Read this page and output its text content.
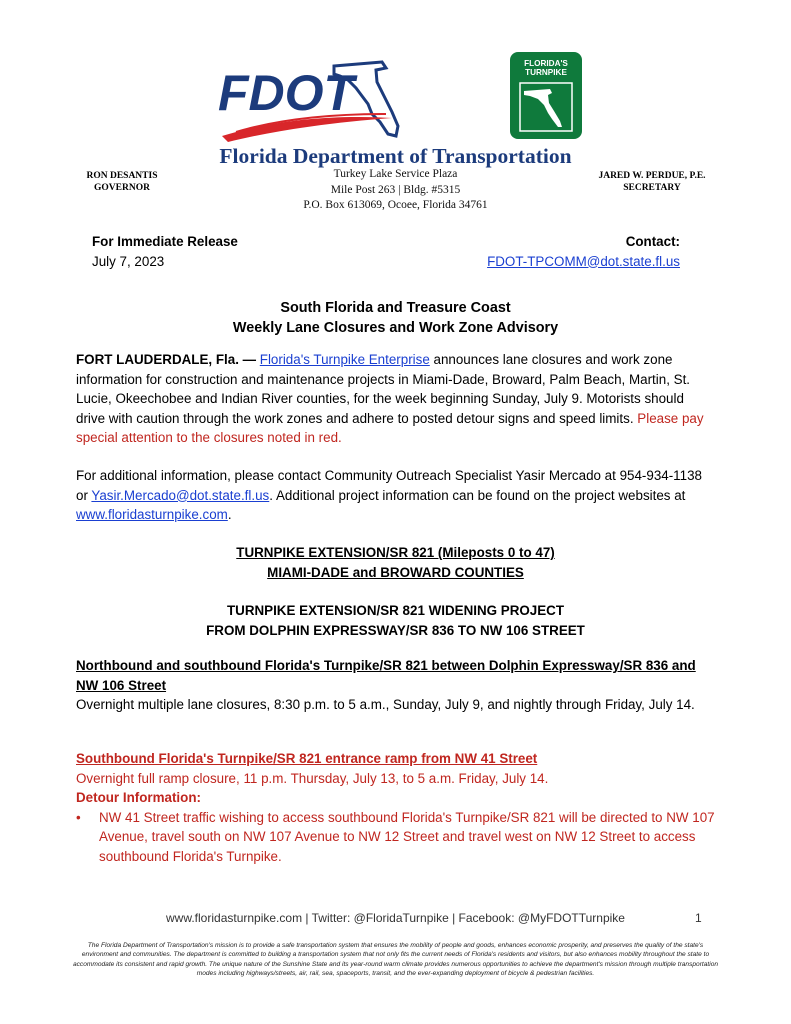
FDOT
FLORIDA'S
TURNPIKE
Florida Department of Transportation
RON DESANTIS
GOVERNOR
JARED W. PERDUE, P.E.
SECRETARY
Turkey Lake Service Plaza
Mile Post 263 | Bldg. #5315
P.O. Box 613069, Ocoee, Florida 34761
For Immediate Release
July 7, 2023
Contact:
FDOT-TPCOMM@dot.state.fl.us
South Florida and Treasure Coast
Weekly Lane Closures and Work Zone Advisory
FORT LAUDERDALE, Fla. — Florida's Turnpike Enterprise announces lane closures and work zone information for construction and maintenance projects in Miami-Dade, Broward, Palm Beach, Martin, St. Lucie, Okeechobee and Indian River counties, for the week beginning Sunday, July 9. Motorists should drive with caution through the work zones and adhere to posted detour signs and speed limits. Please pay special attention to the closures noted in red.
For additional information, please contact Community Outreach Specialist Yasir Mercado at 954-934-1138 or Yasir.Mercado@dot.state.fl.us. Additional project information can be found on the project websites at www.floridasturnpike.com.
TURNPIKE EXTENSION/SR 821 (Mileposts 0 to 47)
MIAMI-DADE and BROWARD COUNTIES
TURNPIKE EXTENSION/SR 821 WIDENING PROJECT
FROM DOLPHIN EXPRESSWAY/SR 836 TO NW 106 STREET
Northbound and southbound Florida's Turnpike/SR 821 between Dolphin Expressway/SR 836 and NW 106 Street
Overnight multiple lane closures, 8:30 p.m. to 5 a.m., Sunday, July 9, and nightly through Friday, July 14.
Southbound Florida's Turnpike/SR 821 entrance ramp from NW 41 Street
Overnight full ramp closure, 11 p.m. Thursday, July 13, to 5 a.m. Friday, July 14.
Detour Information:
• NW 41 Street traffic wishing to access southbound Florida's Turnpike/SR 821 will be directed to NW 107 Avenue, travel south on NW 107 Avenue to NW 12 Street and travel west on NW 12 Street to access southbound Florida's Turnpike.
www.floridasturnpike.com | Twitter: @FloridaTurnpike | Facebook: @MyFDOTTurnpike	1
The Florida Department of Transportation's mission is to provide a safe transportation system that ensures the mobility of people and goods, enhances economic prosperity, and preserves the quality of the state's environment and communities. The department is committed to building a transportation system that not only fits the current needs of Florida's residents and visitors, but also enhances mobility throughout the state to accommodate its consistent and rapid growth. The unique nature of the Sunshine State and its year-round warm climate provides numerous opportunities to achieve the department's mission through multiple transportation modes including highways/streets, air, rail, sea, spaceports, transit, and the ever-expanding deployment of bicycle & pedestrian facilities.
